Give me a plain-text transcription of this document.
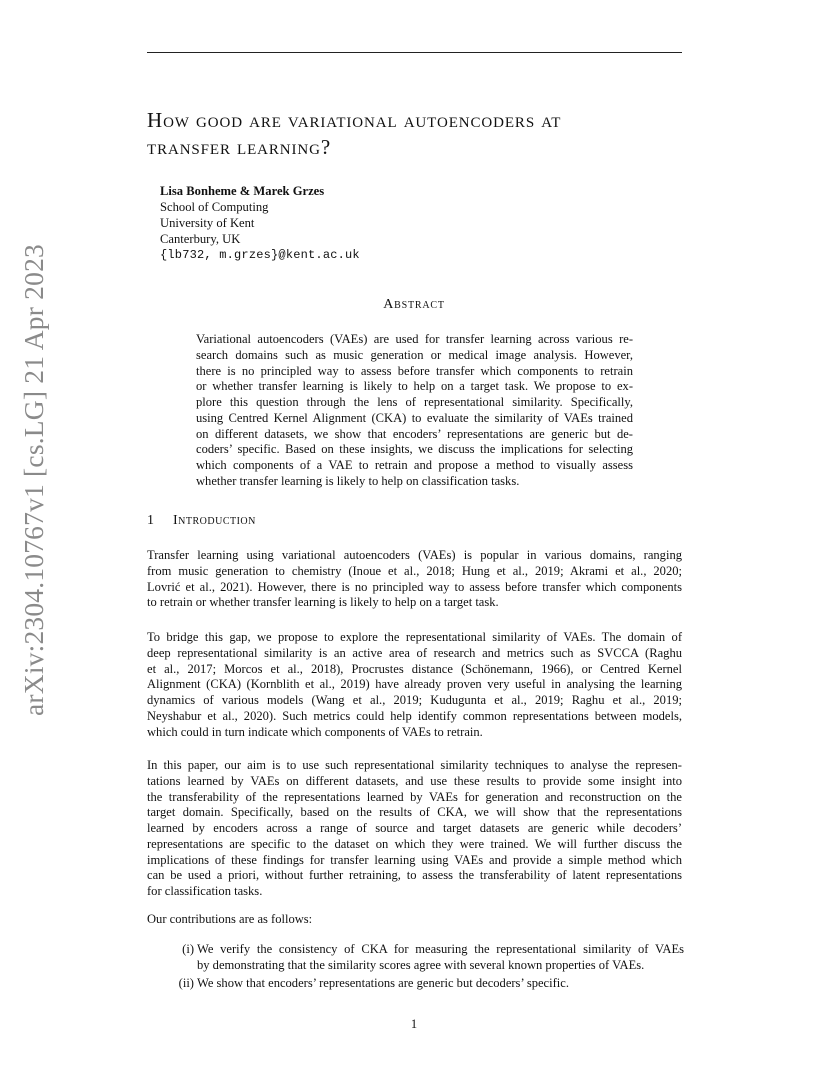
arXiv:2304.10767v1 [cs.LG] 21 Apr 2023
How good are variational autoencoders at
transfer learning?
Lisa Bonheme & Marek Grzes
School of Computing
University of Kent
Canterbury, UK
{lb732, m.grzes}@kent.ac.uk
Abstract
Variational autoencoders (VAEs) are used for transfer learning across various re-
search domains such as music generation or medical image analysis. However,
there is no principled way to assess before transfer which components to retrain
or whether transfer learning is likely to help on a target task. We propose to ex-
plore this question through the lens of representational similarity. Specifically,
using Centred Kernel Alignment (CKA) to evaluate the similarity of VAEs trained
on different datasets, we show that encoders’ representations are generic but de-
coders’ specific. Based on these insights, we discuss the implications for selecting
which components of a VAE to retrain and propose a method to visually assess
whether transfer learning is likely to help on classification tasks.
1 Introduction
Transfer learning using variational autoencoders (VAEs) is popular in various domains, ranging
from music generation to chemistry (Inoue et al., 2018; Hung et al., 2019; Akrami et al., 2020;
Lovrić et al., 2021). However, there is no principled way to assess before transfer which components
to retrain or whether transfer learning is likely to help on a target task.
To bridge this gap, we propose to explore the representational similarity of VAEs. The domain of
deep representational similarity is an active area of research and metrics such as SVCCA (Raghu
et al., 2017; Morcos et al., 2018), Procrustes distance (Schönemann, 1966), or Centred Kernel
Alignment (CKA) (Kornblith et al., 2019) have already proven very useful in analysing the learning
dynamics of various models (Wang et al., 2019; Kudugunta et al., 2019; Raghu et al., 2019;
Neyshabur et al., 2020). Such metrics could help identify common representations between models,
which could in turn indicate which components of VAEs to retrain.
In this paper, our aim is to use such representational similarity techniques to analyse the represen-
tations learned by VAEs on different datasets, and use these results to provide some insight into
the transferability of the representations learned by VAEs for generation and reconstruction on the
target domain. Specifically, based on the results of CKA, we will show that the representations
learned by encoders across a range of source and target datasets are generic while decoders’
representations are specific to the dataset on which they were trained. We will further discuss the
implications of these findings for transfer learning using VAEs and provide a simple method which
can be used a priori, without further retraining, to assess the transferability of latent representations
for classification tasks.
Our contributions are as follows:
(i) We verify the consistency of CKA for measuring the representational similarity of VAEs
by demonstrating that the similarity scores agree with several known properties of VAEs.
(ii) We show that encoders’ representations are generic but decoders’ specific.
1
